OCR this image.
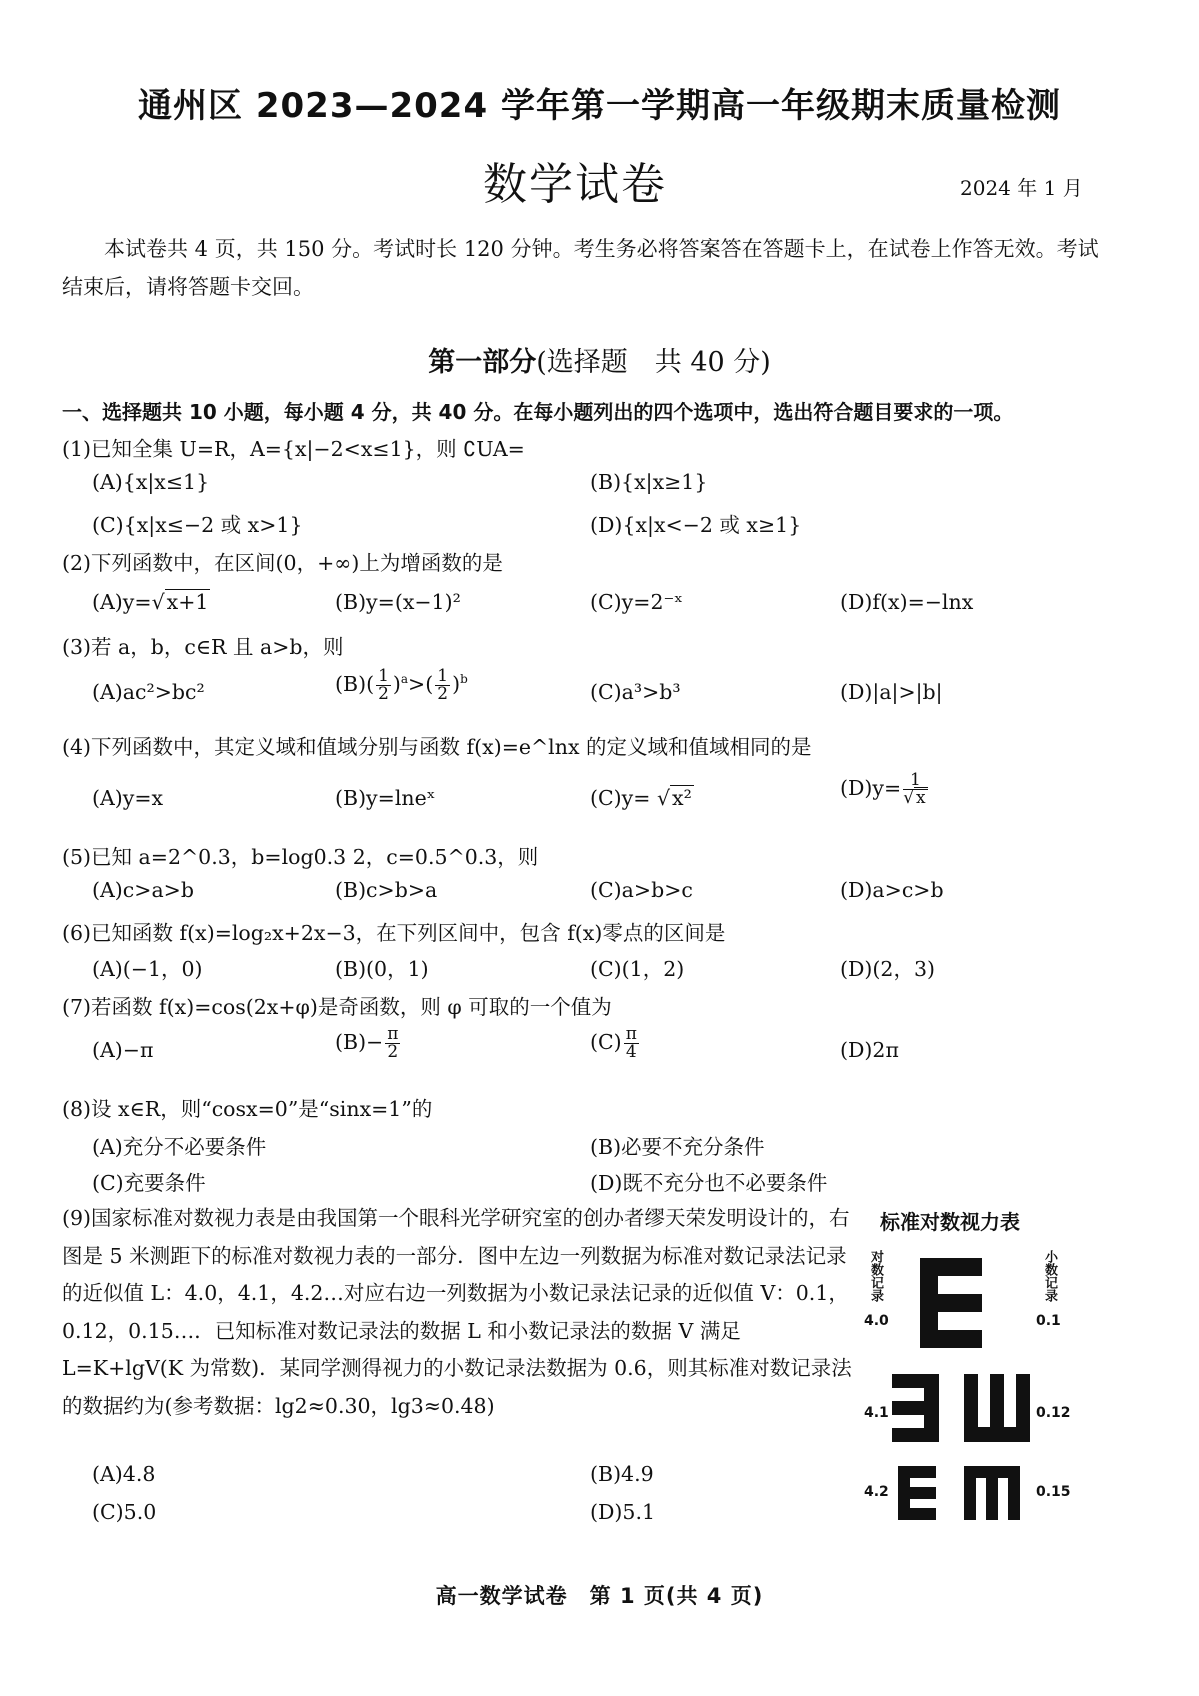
通州区 2023—2024 学年第一学期高一年级期末质量检测
数学试卷	2024 年 1 月
本试卷共 4 页，共 150 分。考试时长 120 分钟。考生务必将答案答在答题卡上，在试卷上作答无效。考试结束后，请将答题卡交回。
第一部分(选择题　共 40 分)
一、选择题共 10 小题，每小题 4 分，共 40 分。在每小题列出的四个选项中，选出符合题目要求的一项。
(1)已知全集 U=R，A={x|−2<x≤1}，则 ∁UA=
(A){x|x≤1}	(B){x|x≥1}
(C){x|x≤−2 或 x>1}	(D){x|x<−2 或 x≥1}
(2)下列函数中，在区间(0，+∞)上为增函数的是
(A)y=√x+1	(B)y=(x−1)²	(C)y=2⁻ˣ	(D)f(x)=−lnx
(3)若 a，b，c∈R 且 a>b，则
(A)ac²>bc²	$(B)( \frac{1}{2} )^a>( \frac{1}{2} )^b$
(C)a³>b³	(D)|a|>|b|
(4)下列函数中，其定义域和值域分别与函数 f(x)=e^lnx 的定义域和值域相同的是
(A)y=x	(B)y=lneˣ	(C)y= √x²	$(D)y= \frac{1}{√ x}$
(5)已知 a=2^0.3，b=log0.3 2，c=0.5^0.3，则
(A)c>a>b	(B)c>b>a	(C)a>b>c	(D)a>c>b
(6)已知函数 f(x)=log₂x+2x−3，在下列区间中，包含 f(x)零点的区间是
(A)(−1，0)	(B)(0，1)	(C)(1，2)	(D)(2，3)
(7)若函数 f(x)=cos(2x+φ)是奇函数，则 φ 可取的一个值为
(A)−π	$(B)- \frac{\pi}{2}$	$(C) \frac{\pi}{4}$	(D)2π
(8)设 x∈R，则“cosx=0”是“sinx=1”的
(A)充分不必要条件	(B)必要不充分条件
(C)充要条件	(D)既不充分也不必要条件
(9)国家标准对数视力表是由我国第一个眼科光学研究室的创办者缪天荣发明设计的，右图是 5 米测距下的标准对数视力表的一部分．图中左边一列数据为标准对数记录法记录的近似值 L：4.0，4.1，4.2…对应右边一列数据为小数记录法记录的近似值 V：0.1，0.12，0.15…．已知标准对数记录法的数据 L 和小数记录法的数据 V 满足 L=K+lgV(K 为常数)．某同学测得视力的小数记录法数据为 0.6，则其标准对数记录法的数据约为(参考数据：lg2≈0.30，lg3≈0.48)
(A)4.8	(B)4.9
(C)5.0	(D)5.1
标准对数视力表
对数记录	小数记录
4.0	0.1
4.1	0.12
4.2	0.15
高一数学试卷　第 1 页(共 4 页)
